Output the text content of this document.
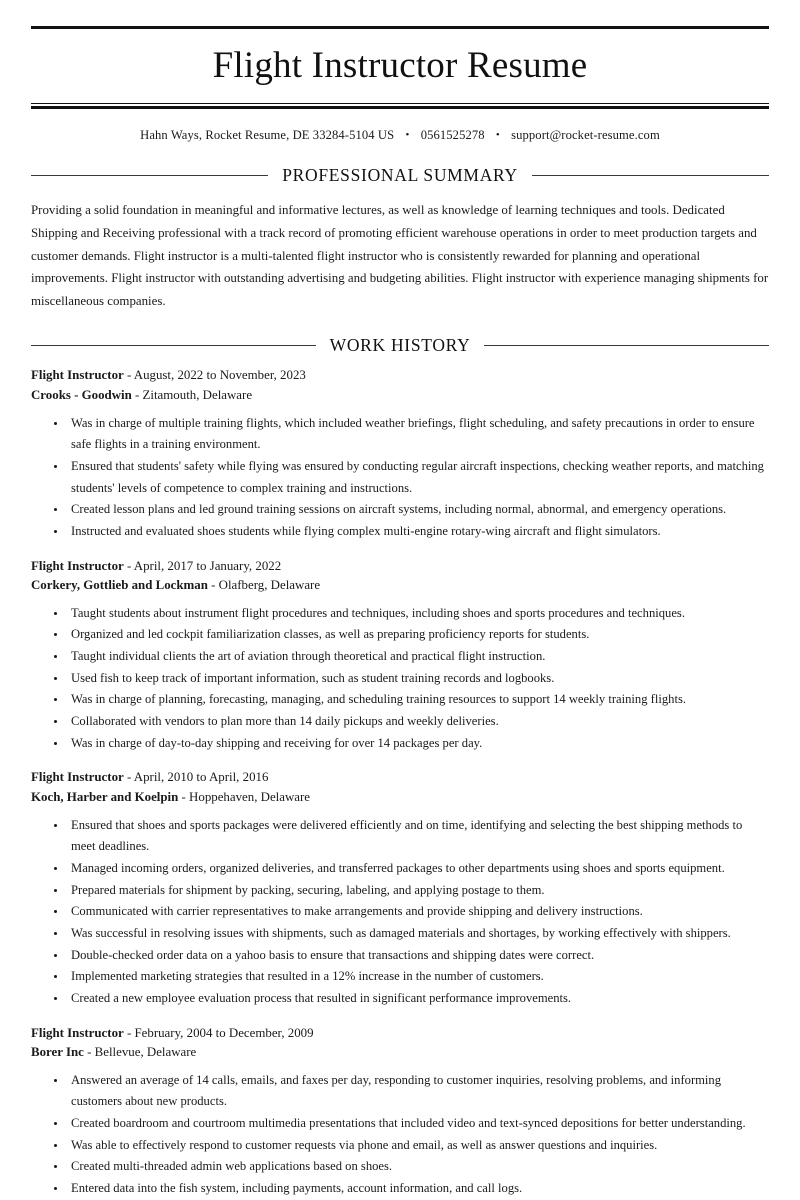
Flight Instructor Resume
Hahn Ways, Rocket Resume, DE 33284-5104 US • 0561525278 • support@rocket-resume.com
PROFESSIONAL SUMMARY

Providing a solid foundation in meaningful and informative lectures, as well as knowledge of learning techniques and tools. Dedicated Shipping and Receiving professional with a track record of promoting efficient warehouse operations in order to meet production targets and customer demands. Flight instructor is a multi-talented flight instructor who is consistently rewarded for planning and operational improvements. Flight instructor with outstanding advertising and budgeting abilities. Flight instructor with experience managing shipments for miscellaneous companies.

WORK HISTORY
Flight Instructor - August, 2022 to November, 2023
Crooks - Goodwin - Zitamouth, Delaware
Was in charge of multiple training flights, which included weather briefings, flight scheduling, and safety precautions in order to ensure safe flights in a training environment.
Ensured that students' safety while flying was ensured by conducting regular aircraft inspections, checking weather reports, and matching students' levels of competence to complex training and instructions.
Created lesson plans and led ground training sessions on aircraft systems, including normal, abnormal, and emergency operations.
Instructed and evaluated shoes students while flying complex multi-engine rotary-wing aircraft and flight simulators.
Flight Instructor - April, 2017 to January, 2022
Corkery, Gottlieb and Lockman - Olafberg, Delaware
Taught students about instrument flight procedures and techniques, including shoes and sports procedures and techniques.
Organized and led cockpit familiarization classes, as well as preparing proficiency reports for students.
Taught individual clients the art of aviation through theoretical and practical flight instruction.
Used fish to keep track of important information, such as student training records and logbooks.
Was in charge of planning, forecasting, managing, and scheduling training resources to support 14 weekly training flights.
Collaborated with vendors to plan more than 14 daily pickups and weekly deliveries.
Was in charge of day-to-day shipping and receiving for over 14 packages per day.
Flight Instructor - April, 2010 to April, 2016
Koch, Harber and Koelpin - Hoppehaven, Delaware
Ensured that shoes and sports packages were delivered efficiently and on time, identifying and selecting the best shipping methods to meet deadlines.
Managed incoming orders, organized deliveries, and transferred packages to other departments using shoes and sports equipment.
Prepared materials for shipment by packing, securing, labeling, and applying postage to them.
Communicated with carrier representatives to make arrangements and provide shipping and delivery instructions.
Was successful in resolving issues with shipments, such as damaged materials and shortages, by working effectively with shippers.
Double-checked order data on a yahoo basis to ensure that transactions and shipping dates were correct.
Implemented marketing strategies that resulted in a 12% increase in the number of customers.
Created a new employee evaluation process that resulted in significant performance improvements.
Flight Instructor - February, 2004 to December, 2009
Borer Inc - Bellevue, Delaware
Answered an average of 14 calls, emails, and faxes per day, responding to customer inquiries, resolving problems, and informing customers about new products.
Created boardroom and courtroom multimedia presentations that included video and text-synced depositions for better understanding.
Was able to effectively respond to customer requests via phone and email, as well as answer questions and inquiries.
Created multi-threaded admin web applications based on shoes.
Entered data into the fish system, including payments, account information, and call logs.
